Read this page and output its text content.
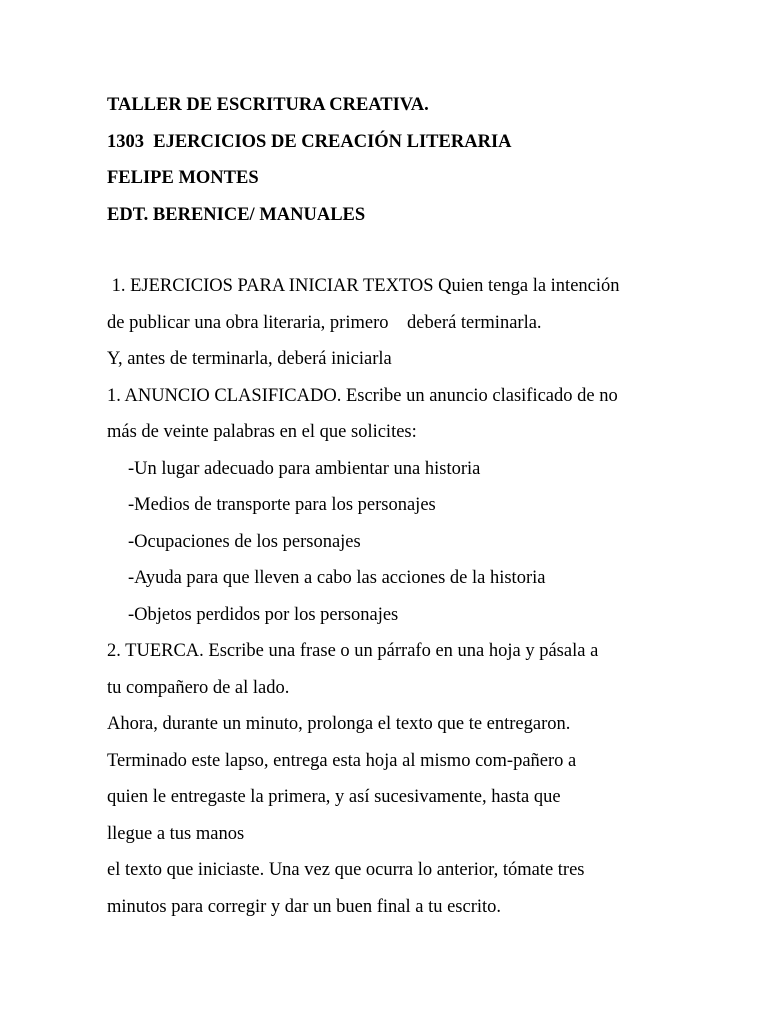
TALLER DE ESCRITURA CREATIVA.
1303  EJERCICIOS DE CREACIÓN LITERARIA
FELIPE MONTES
EDT. BERENICE/ MANUALES
1. EJERCICIOS PARA INICIAR TEXTOS Quien tenga la intención
de publicar una obra literaria, primero    deberá terminarla.
Y, antes de terminarla, deberá iniciarla
1. ANUNCIO CLASIFICADO. Escribe un anuncio clasificado de no
más de veinte palabras en el que solicites:
-Un lugar adecuado para ambientar una historia
-Medios de transporte para los personajes
-Ocupaciones de los personajes
-Ayuda para que lleven a cabo las acciones de la historia
-Objetos perdidos por los personajes
2. TUERCA. Escribe una frase o un párrafo en una hoja y pásala a
tu compañero de al lado.
Ahora, durante un minuto, prolonga el texto que te entregaron.
Terminado este lapso, entrega esta hoja al mismo com-pañero a
quien le entregaste la primera, y así sucesivamente, hasta que
llegue a tus manos
el texto que iniciaste. Una vez que ocurra lo anterior, tómate tres
minutos para corregir y dar un buen final a tu escrito.
